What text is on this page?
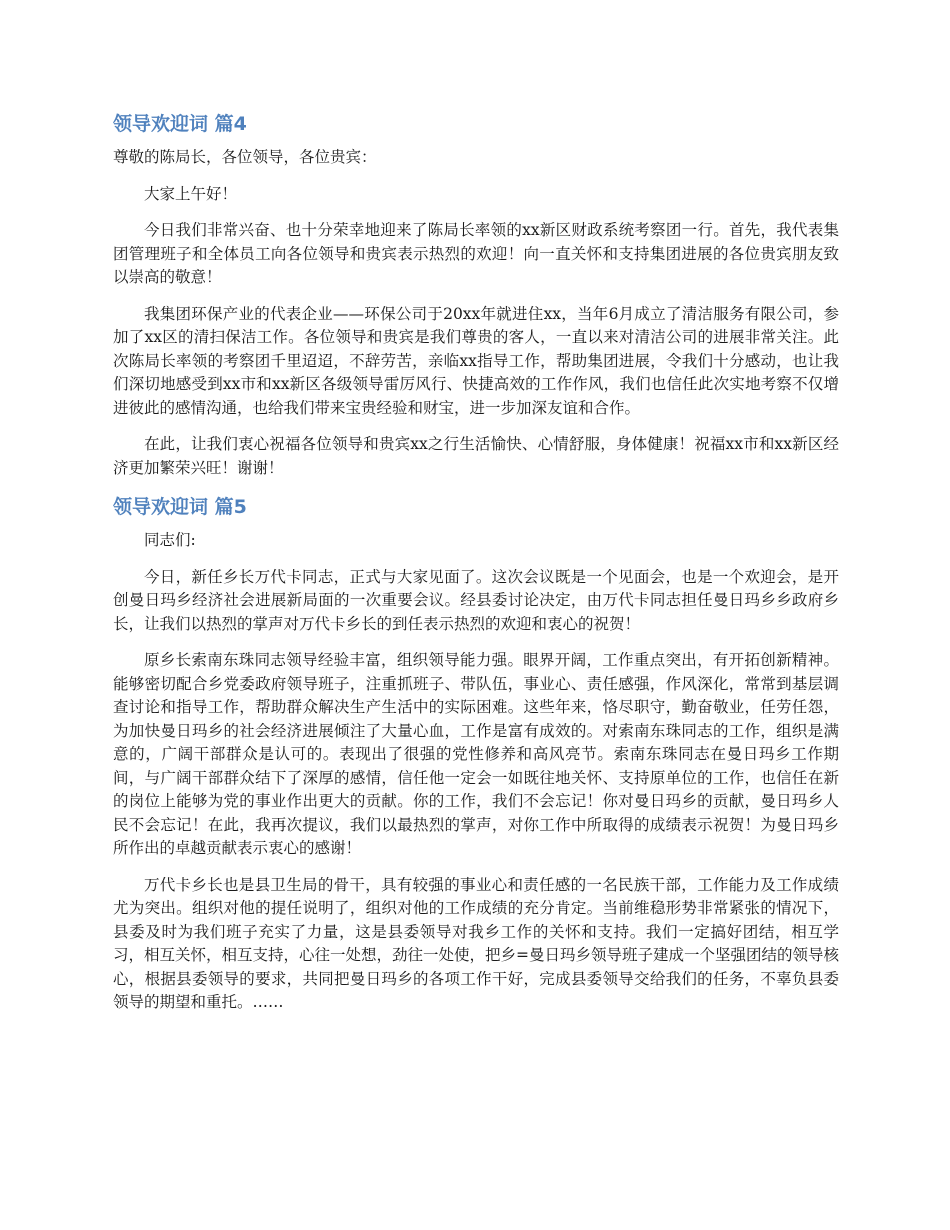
领导欢迎词 篇4

尊敬的陈局长，各位领导，各位贵宾：

大家上午好！

今日我们非常兴奋、也十分荣幸地迎来了陈局长率领的xx新区财政系统考察团一行。首先，我代表集团管理班子和全体员工向各位领导和贵宾表示热烈的欢迎！向一直关怀和支持集团进展的各位贵宾朋友致以崇高的敬意！

我集团环保产业的代表企业——环保公司于20xx年就进住xx，当年6月成立了清洁服务有限公司，参加了xx区的清扫保洁工作。各位领导和贵宾是我们尊贵的客人，一直以来对清洁公司的进展非常关注。此次陈局长率领的考察团千里迢迢，不辞劳苦，亲临xx指导工作，帮助集团进展，令我们十分感动，也让我们深切地感受到xx市和xx新区各级领导雷厉风行、快捷高效的工作作风，我们也信任此次实地考察不仅增进彼此的感情沟通，也给我们带来宝贵经验和财宝，进一步加深友谊和合作。

在此，让我们衷心祝福各位领导和贵宾xx之行生活愉快、心情舒服，身体健康！祝福xx市和xx新区经济更加繁荣兴旺！谢谢！

领导欢迎词 篇5

同志们:

今日，新任乡长万代卡同志，正式与大家见面了。这次会议既是一个见面会，也是一个欢迎会，是开创曼日玛乡经济社会进展新局面的一次重要会议。经县委讨论决定，由万代卡同志担任曼日玛乡乡政府乡长，让我们以热烈的掌声对万代卡乡长的到任表示热烈的欢迎和衷心的祝贺！

原乡长索南东珠同志领导经验丰富，组织领导能力强。眼界开阔，工作重点突出，有开拓创新精神。能够密切配合乡党委政府领导班子，注重抓班子、带队伍，事业心、责任感强，作风深化，常常到基层调查讨论和指导工作，帮助群众解决生产生活中的实际困难。这些年来，恪尽职守，勤奋敬业，任劳任怨，为加快曼日玛乡的社会经济进展倾注了大量心血，工作是富有成效的。对索南东珠同志的工作，组织是满意的，广阔干部群众是认可的。表现出了很强的党性修养和高风亮节。索南东珠同志在曼日玛乡工作期间，与广阔干部群众结下了深厚的感情，信任他一定会一如既往地关怀、支持原单位的工作，也信任在新的岗位上能够为党的事业作出更大的贡献。你的工作，我们不会忘记！你对曼日玛乡的贡献，曼日玛乡人民不会忘记！在此，我再次提议，我们以最热烈的掌声，对你工作中所取得的成绩表示祝贺！为曼日玛乡所作出的卓越贡献表示衷心的感谢！

万代卡乡长也是县卫生局的骨干，具有较强的事业心和责任感的一名民族干部，工作能力及工作成绩尤为突出。组织对他的提任说明了，组织对他的工作成绩的充分肯定。当前维稳形势非常紧张的情况下，县委及时为我们班子充实了力量，这是县委领导对我乡工作的关怀和支持。我们一定搞好团结，相互学习，相互关怀，相互支持，心往一处想，劲往一处使，把乡=曼日玛乡领导班子建成一个坚强团结的领导核心，根据县委领导的要求，共同把曼日玛乡的各项工作干好，完成县委领导交给我们的任务，不辜负县委领导的期望和重托。……
